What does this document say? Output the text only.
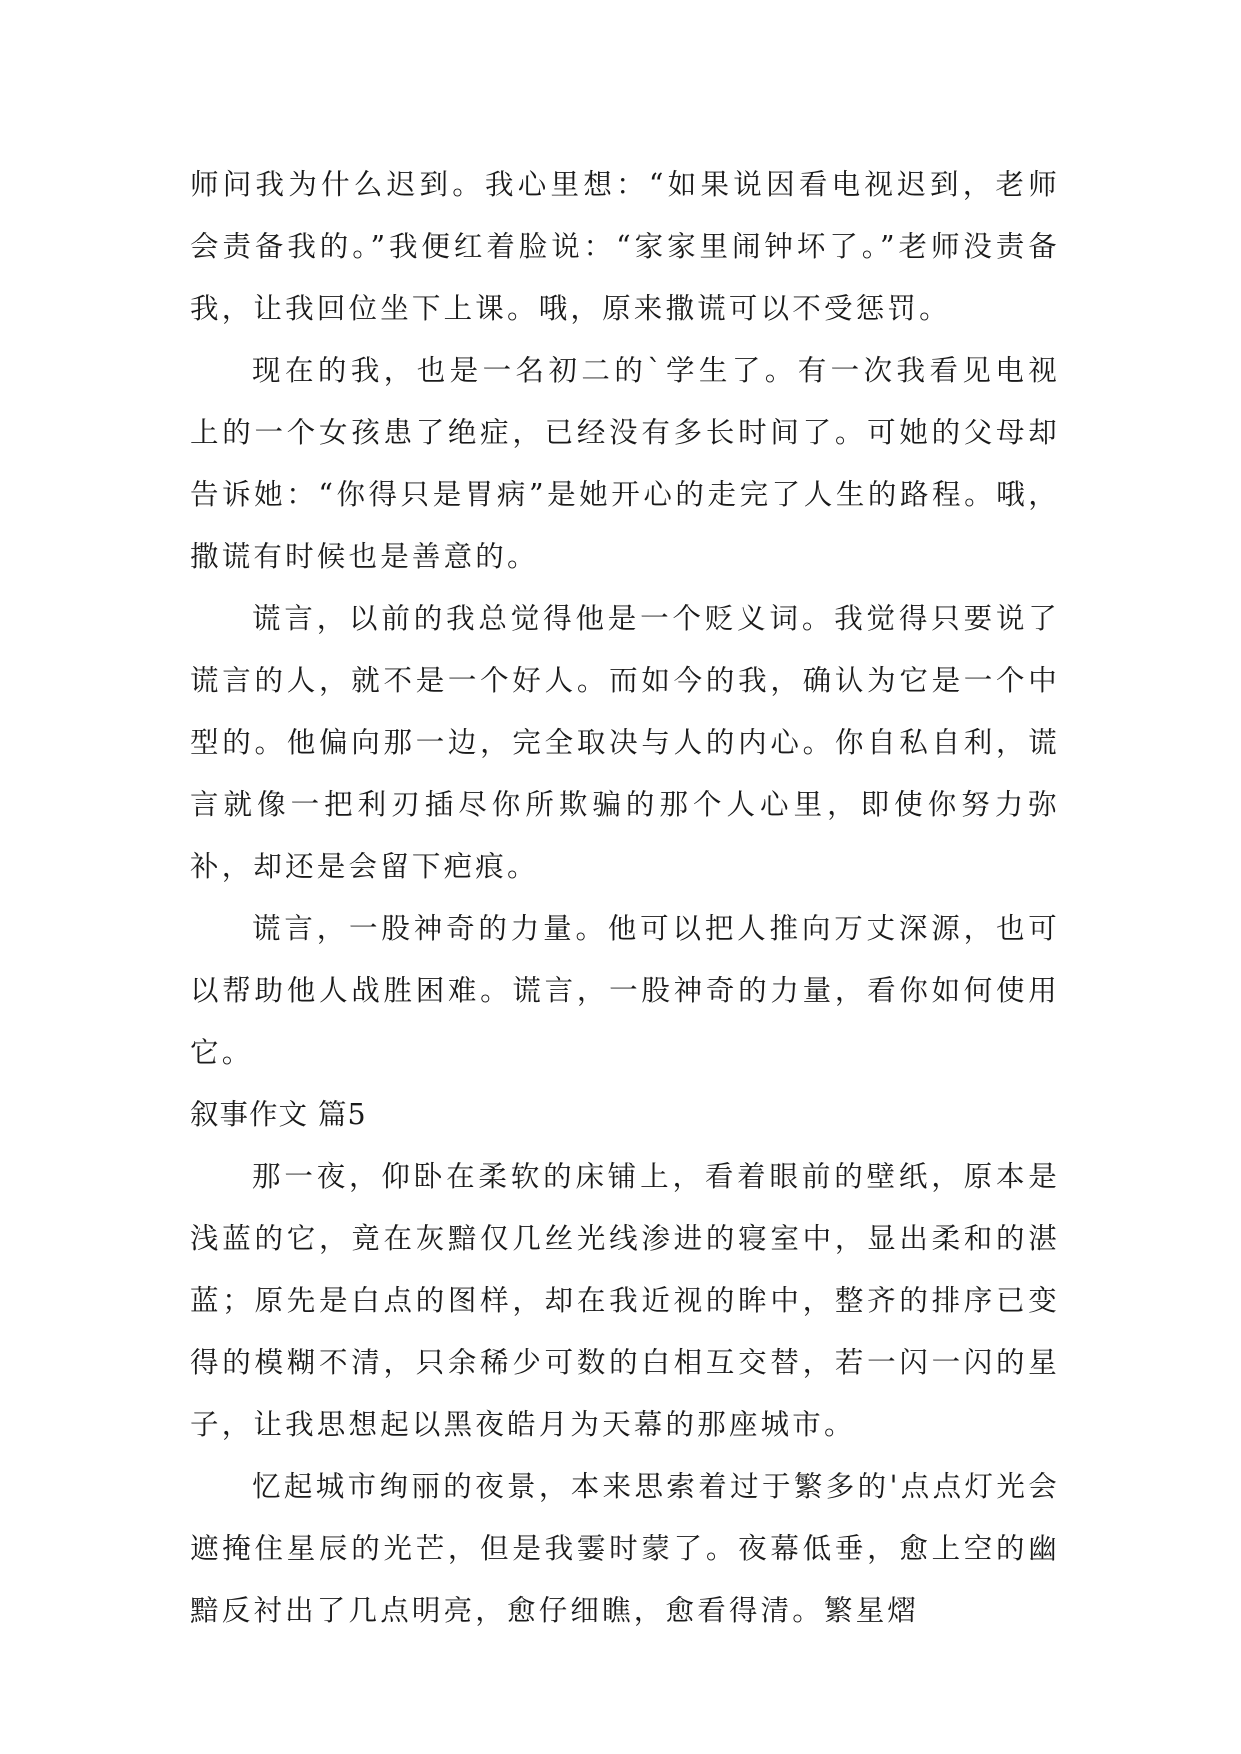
师问我为什么迟到。我心里想：“如果说因看电视迟到，老师会责备我的。”我便红着脸说：“家家里闹钟坏了。”老师没责备我，让我回位坐下上课。哦，原来撒谎可以不受惩罚。

现在的我，也是一名初二的`学生了。有一次我看见电视上的一个女孩患了绝症，已经没有多长时间了。可她的父母却告诉她：“你得只是胃病”是她开心的走完了人生的路程。哦，撒谎有时候也是善意的。

谎言，以前的我总觉得他是一个贬义词。我觉得只要说了谎言的人，就不是一个好人。而如今的我，确认为它是一个中型的。他偏向那一边，完全取决与人的内心。你自私自利，谎言就像一把利刃插尽你所欺骗的那个人心里，即使你努力弥补，却还是会留下疤痕。

谎言，一股神奇的力量。他可以把人推向万丈深源，也可以帮助他人战胜困难。谎言，一股神奇的力量，看你如何使用它。

叙事作文 篇5

那一夜，仰卧在柔软的床铺上，看着眼前的壁纸，原本是浅蓝的它，竟在灰黯仅几丝光线渗进的寝室中，显出柔和的湛蓝；原先是白点的图样，却在我近视的眸中，整齐的排序已变得的模糊不清，只余稀少可数的白相互交替，若一闪一闪的星子，让我思想起以黑夜皓月为天幕的那座城市。

忆起城市绚丽的夜景，本来思索着过于繁多的'点点灯光会遮掩住星辰的光芒，但是我霎时蒙了。夜幕低垂，愈上空的幽黯反衬出了几点明亮，愈仔细瞧，愈看得清。繁星熠
